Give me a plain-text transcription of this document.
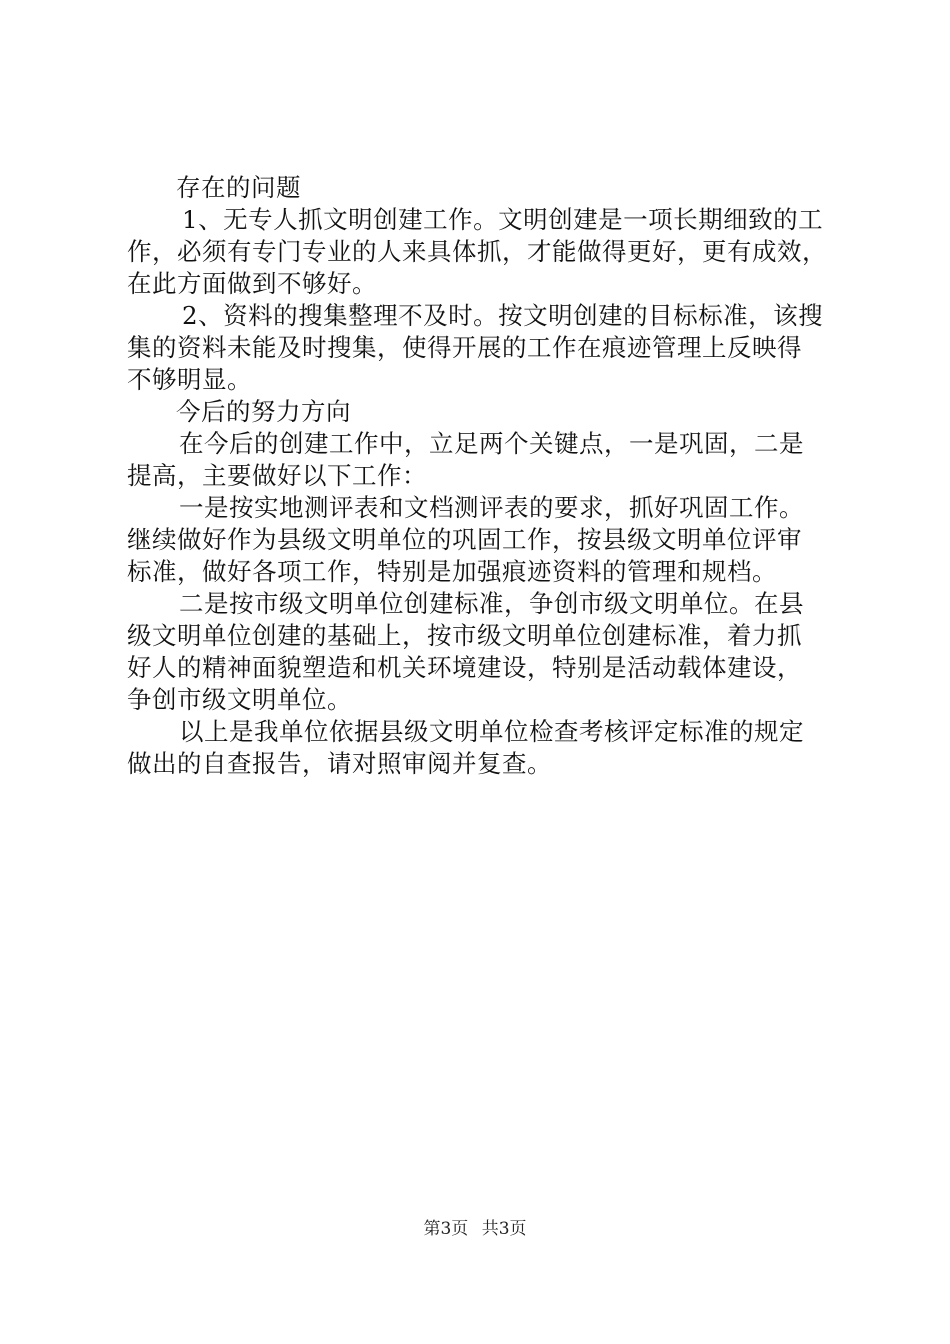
存在的问题
1、无专人抓文明创建工作。文明创建是一项长期细致的工
作，必须有专门专业的人来具体抓，才能做得更好，更有成效，
在此方面做到不够好。
2、资料的搜集整理不及时。按文明创建的目标标准，该搜
集的资料未能及时搜集，使得开展的工作在痕迹管理上反映得
不够明显。
今后的努力方向
在今后的创建工作中，立足两个关键点，一是巩固，二是
提高，主要做好以下工作：
一是按实地测评表和文档测评表的要求，抓好巩固工作。
继续做好作为县级文明单位的巩固工作，按县级文明单位评审
标准，做好各项工作，特别是加强痕迹资料的管理和规档。
二是按市级文明单位创建标准，争创市级文明单位。在县
级文明单位创建的基础上，按市级文明单位创建标准，着力抓
好人的精神面貌塑造和机关环境建设，特别是活动载体建设，
争创市级文明单位。
以上是我单位依据县级文明单位检查考核评定标准的规定
做出的自查报告，请对照审阅并复查。
第3页 共3页
